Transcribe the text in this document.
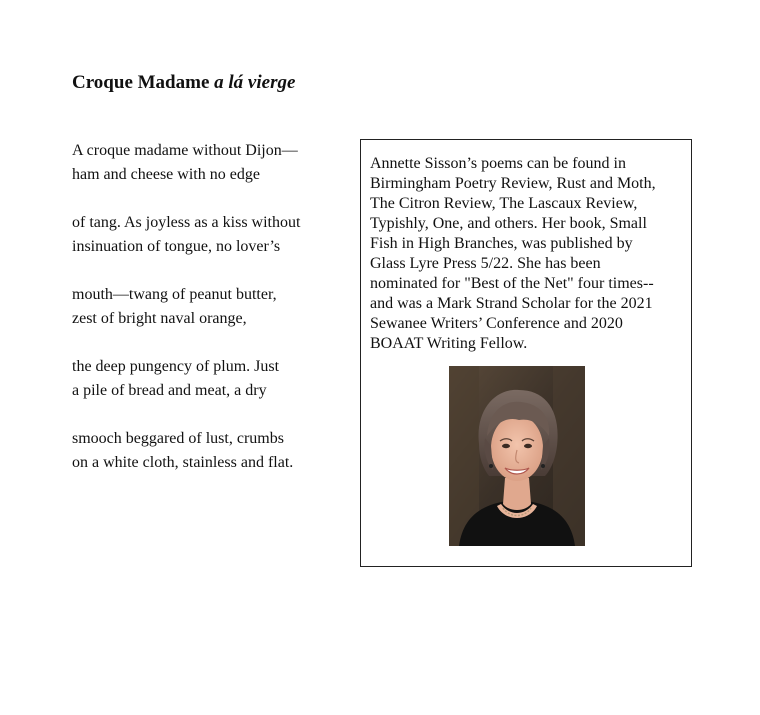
Croque Madame a lá vierge

A croque madame without Dijon—
ham and cheese with no edge

of tang. As joyless as a kiss without
insinuation of tongue, no lover’s

mouth—twang of peanut butter,
zest of bright naval orange,

the deep pungency of plum. Just
a pile of bread and meat, a dry

smooch beggared of lust, crumbs
on a white cloth, stainless and flat.

Annette Sisson’s poems can be found in
Birmingham Poetry Review, Rust and Moth,
The Citron Review, The Lascaux Review,
Typishly, One, and others. Her book, Small
Fish in High Branches, was published by
Glass Lyre Press 5/22. She has been
nominated for "Best of the Net" four times--
and was a Mark Strand Scholar for the 2021
Sewanee Writers’ Conference and 2020
BOAAT Writing Fellow.
